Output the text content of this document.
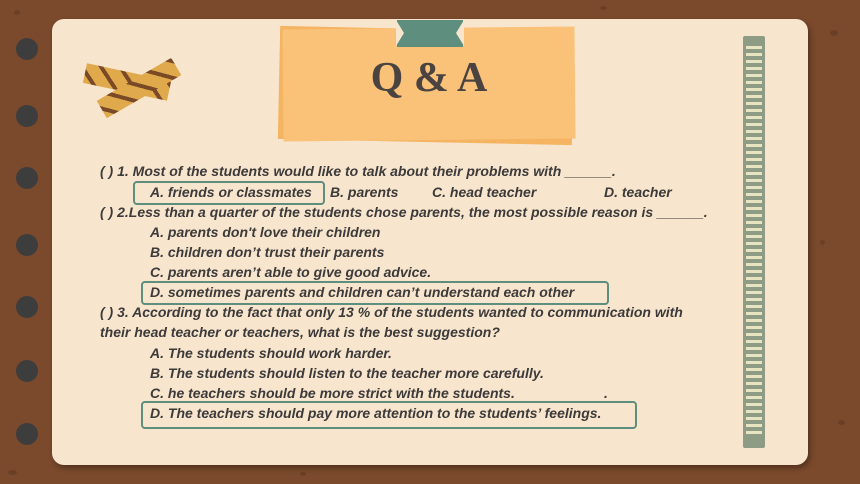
Q & A
( ) 1. Most of the students would like to talk about their problems with ______.
A. friends or classmates B. parents C. head teacher	D. teacher
( ) 2.Less than a quarter of the students chose parents, the most possible reason is ______.
A. parents don't love their children
B. children don’t trust their parents
C. parents aren’t able to give good advice.
D. sometimes parents and children can’t understand each other
( ) 3. According to the fact that only 13 % of the students wanted to communication with
their head teacher or teachers, what is the best suggestion?
A. The students should work harder.
B. The students should listen to the teacher more carefully.
C. he teachers should be more strict with the students.	.
D. The teachers should pay more attention to the students’ feelings.
